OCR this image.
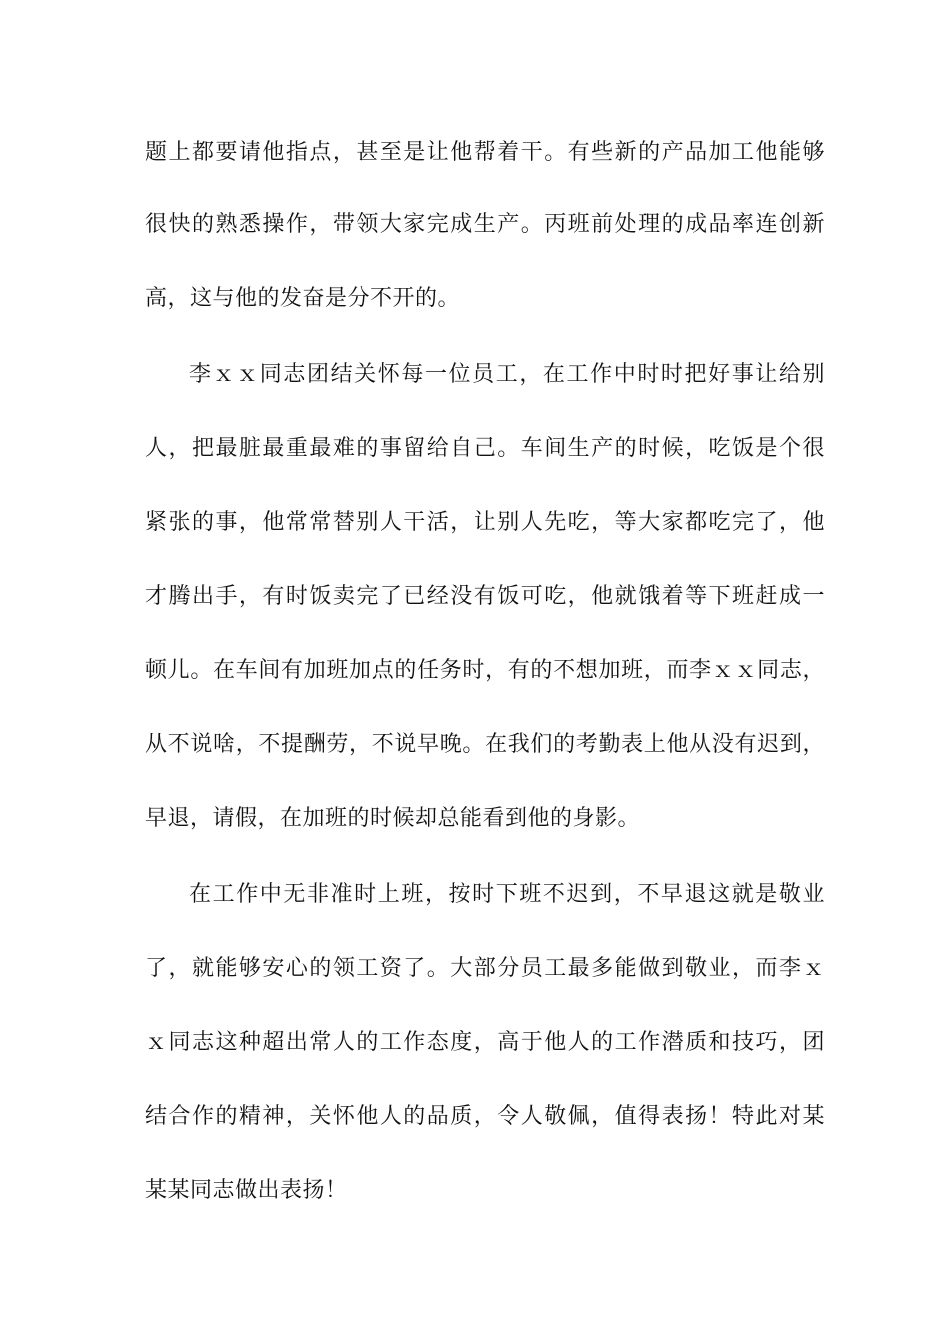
题上都要请他指点，甚至是让他帮着干。有些新的产品加工他能够
很快的熟悉操作，带领大家完成生产。丙班前处理的成品率连创新
高，这与他的发奋是分不开的。
李ｘｘ同志团结关怀每一位员工，在工作中时时把好事让给别
人，把最脏最重最难的事留给自己。车间生产的时候，吃饭是个很
紧张的事，他常常替别人干活，让别人先吃，等大家都吃完了，他
才腾出手，有时饭卖完了已经没有饭可吃，他就饿着等下班赶成一
顿儿。在车间有加班加点的任务时，有的不想加班，而李ｘｘ同志，
从不说啥，不提酬劳，不说早晚。在我们的考勤表上他从没有迟到，
早退，请假，在加班的时候却总能看到他的身影。
在工作中无非准时上班，按时下班不迟到，不早退这就是敬业
了，就能够安心的领工资了。大部分员工最多能做到敬业，而李ｘ
ｘ同志这种超出常人的工作态度，高于他人的工作潜质和技巧，团
结合作的精神，关怀他人的品质，令人敬佩，值得表扬！特此对某
某某同志做出表扬！
